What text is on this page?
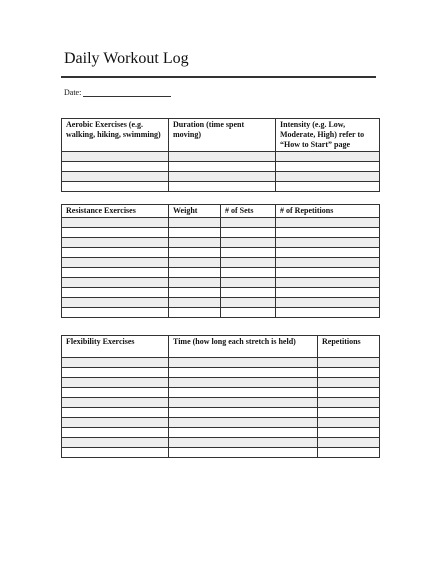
Daily Workout Log
Date:
Aerobic Exercises (e.g. walking, hiking, swimming)	Duration (time spent moving)	Intensity (e.g. Low, Moderate, High) refer to “How to Start” page

Resistance Exercises	Weight	# of Sets	# of Repetitions

Flexibility Exercises	Time (how long each stretch is held)	Repetitions
